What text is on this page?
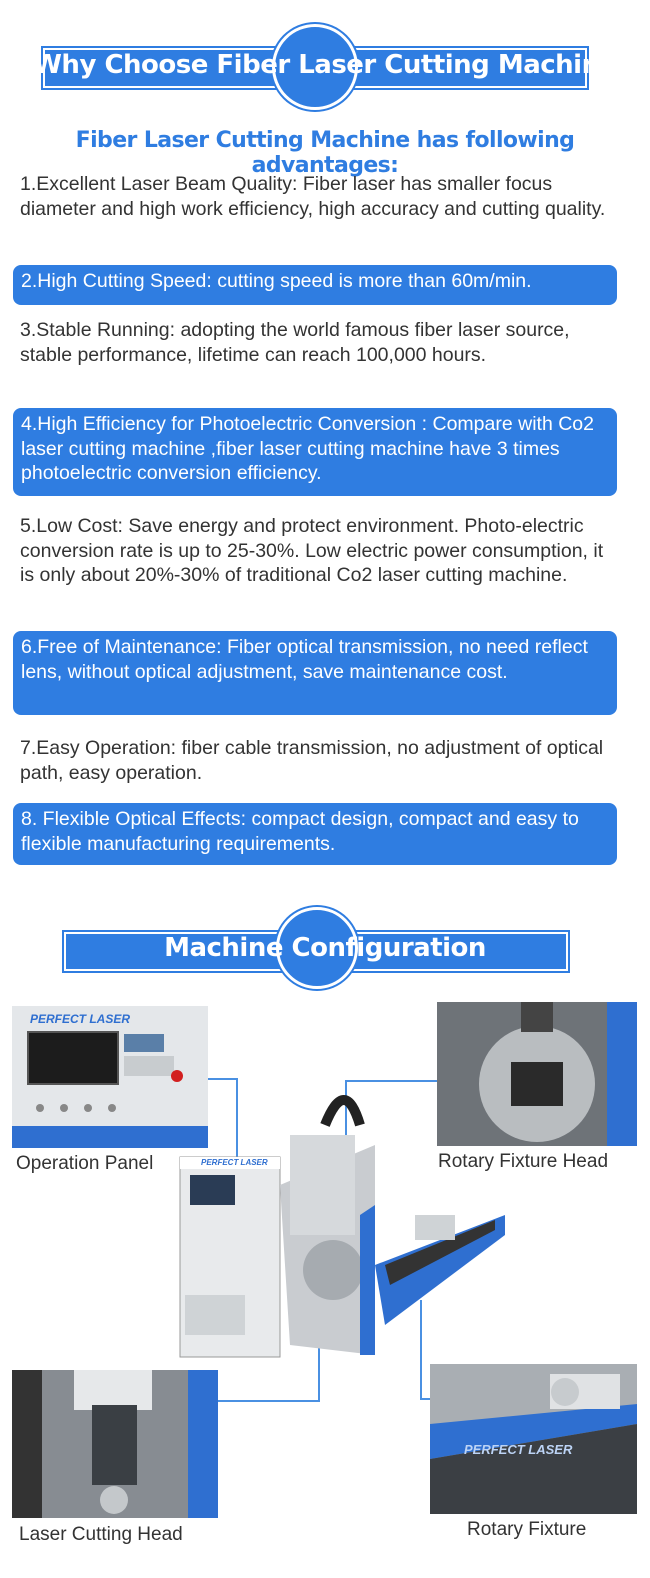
Why Choose Fiber Laser Cutting Machine
Fiber Laser Cutting Machine has following advantages:
1.Excellent Laser Beam Quality: Fiber laser has smaller focus diameter and high work efficiency, high accuracy and cutting quality.
2.High Cutting Speed: cutting speed is more than 60m/min.
3.Stable Running: adopting the world famous fiber laser source, stable performance, lifetime can reach 100,000 hours.
4.High Efficiency for Photoelectric Conversion : Compare with Co2 laser cutting machine ,fiber laser cutting machine have 3 times photoelectric conversion efficiency.
5.Low Cost: Save energy and protect environment. Photo-electric conversion rate is up to 25-30%. Low electric power consumption, it is only about 20%-30% of traditional Co2 laser cutting machine.
6.Free of Maintenance: Fiber optical transmission, no need reflect lens, without optical adjustment, save maintenance cost.
7.Easy Operation: fiber cable transmission, no adjustment of optical path, easy operation.
8. Flexible Optical Effects: compact design, compact and easy to flexible manufacturing requirements.
Machine Configuration
PERFECT LASER
Operation Panel	Rotary Fixture Head
PERFECT LASER
Laser Cutting Head
PERFECT LASER
Rotary Fixture
